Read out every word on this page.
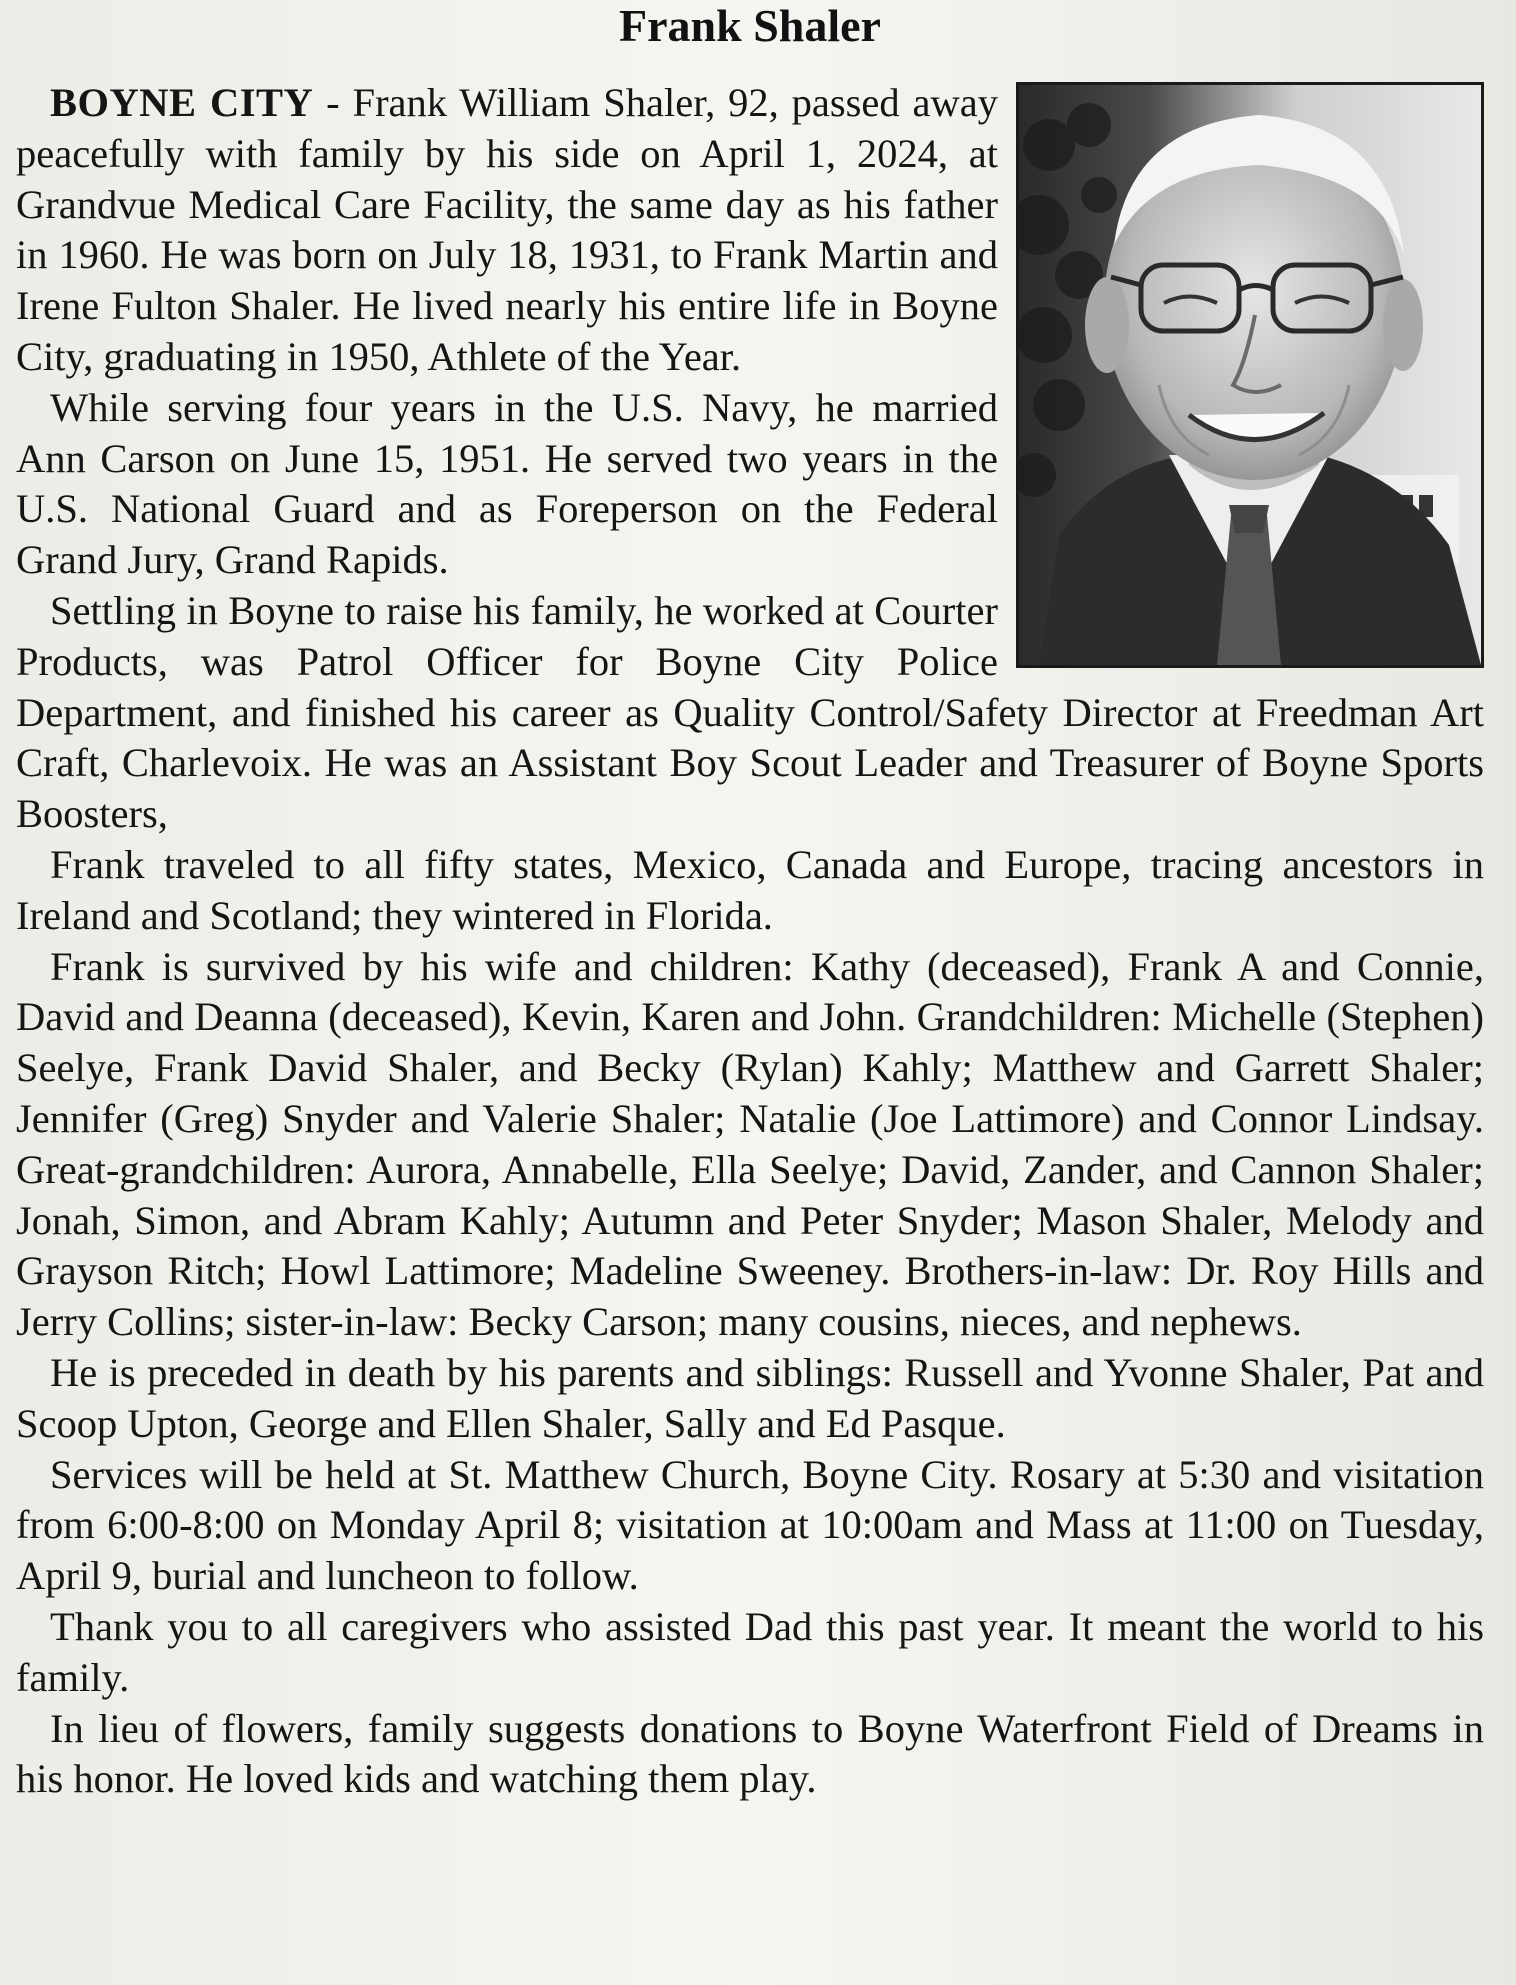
Frank Shaler

BOYNE CITY - Frank William Shaler, 92, passed away peacefully with family by his side on April 1, 2024, at Grandvue Medical Care Facility, the same day as his father in 1960. He was born on July 18, 1931, to Frank Martin and Irene Fulton Shaler. He lived nearly his entire life in Boyne City, graduating in 1950, Athlete of the Year.

While serving four years in the U.S. Navy, he married Ann Carson on June 15, 1951. He served two years in the U.S. National Guard and as Foreperson on the Federal Grand Jury, Grand Rapids.

Settling in Boyne to raise his family, he worked at Courter Products, was Patrol Officer for Boyne City Police Department, and finished his career as Quality Control/Safety Director at Freedman Art Craft, Charlevoix. He was an Assistant Boy Scout Leader and Treasurer of Boyne Sports Boosters,

Frank traveled to all fifty states, Mexico, Canada and Europe, tracing ancestors in Ireland and Scotland; they wintered in Florida.

Frank is survived by his wife and children: Kathy (deceased), Frank A and Connie, David and Deanna (deceased), Kevin, Karen and John. Grandchildren: Michelle (Stephen) Seelye, Frank David Shaler, and Becky (Rylan) Kahly; Matthew and Garrett Shaler; Jennifer (Greg) Snyder and Valerie Shaler; Natalie (Joe Lattimore) and Connor Lindsay. Great-grandchildren: Aurora, Annabelle, Ella Seelye; David, Zander, and Cannon Shaler; Jonah, Simon, and Abram Kahly; Autumn and Peter Snyder; Mason Shaler, Melody and Grayson Ritch; Howl Lattimore; Madeline Sweeney. Brothers-in-law: Dr. Roy Hills and Jerry Collins; sister-in-law: Becky Carson; many cousins, nieces, and nephews.

He is preceded in death by his parents and siblings: Russell and Yvonne Shaler, Pat and Scoop Upton, George and Ellen Shaler, Sally and Ed Pasque.

Services will be held at St. Matthew Church, Boyne City. Rosary at 5:30 and visitation from 6:00-8:00 on Monday April 8; visitation at 10:00am and Mass at 11:00 on Tuesday, April 9, burial and luncheon to follow.

Thank you to all caregivers who assisted Dad this past year. It meant the world to his family.

In lieu of flowers, family suggests donations to Boyne Waterfront Field of Dreams in his honor. He loved kids and watching them play.
